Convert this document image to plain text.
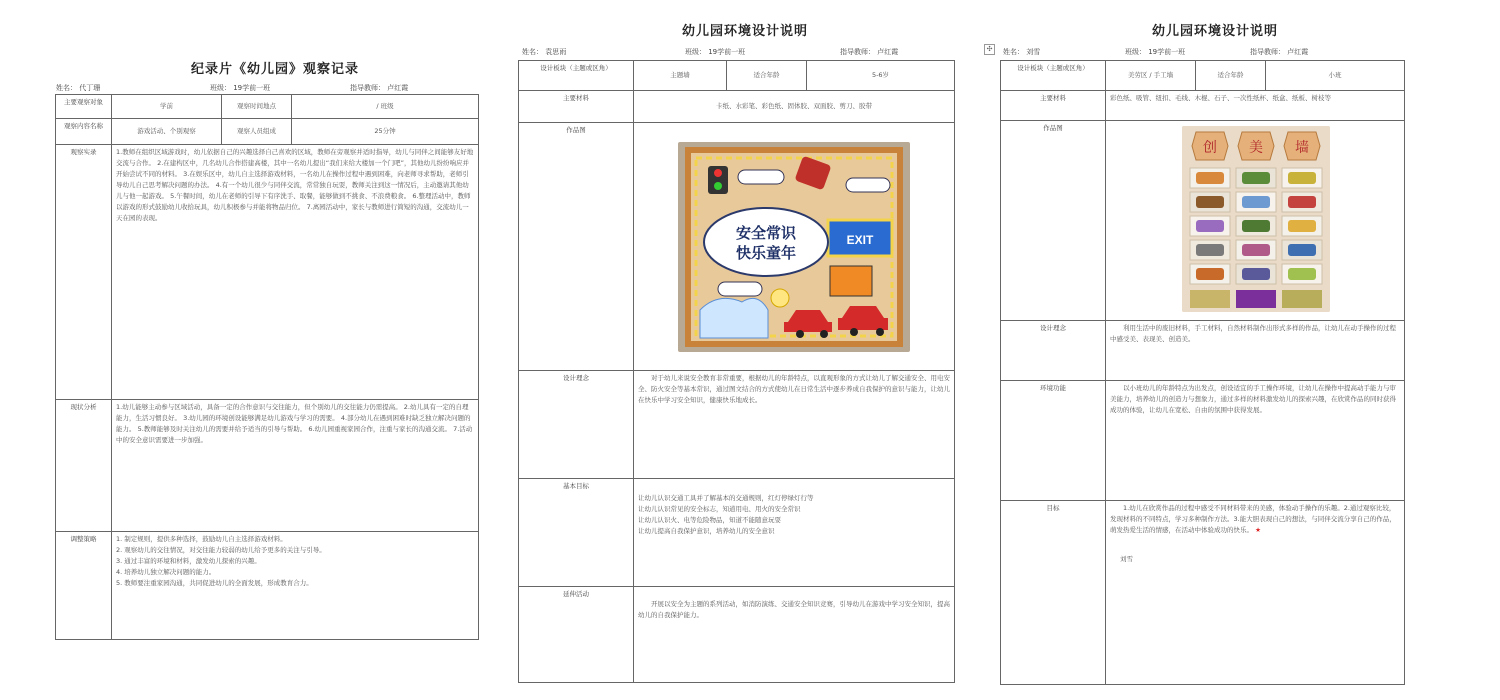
纪录片《幼儿园》观察记录
姓名： 代丁珊	班级： 19学前一班	指导教师： 卢红霞
主要观察对象	学前	观察时间地点	/ 班级
观察内容名称	游戏活动、个别观察	观察人员组成	25分钟
观察实录	1.教师在组织区域游戏时，幼儿依据自己的兴趣选择自己喜欢的区域，教师在旁观察并适时指导，幼儿与同伴之间能够友好地交流与合作。 2.在建构区中，几名幼儿合作搭建高楼，其中一名幼儿提出“我们来给大楼加一个门吧”，其他幼儿纷纷响应并开始尝试不同的材料。 3.在娱乐区中，幼儿自主选择游戏材料，一名幼儿在操作过程中遇到困难，向老师寻求帮助，老师引导幼儿自己思考解决问题的办法。 4.有一个幼儿很少与同伴交流，常常独自玩耍，教师关注到这一情况后，主动邀请其他幼儿与他一起游戏。 5.午餐时间，幼儿在老师的引导下有序洗手、取餐，能够做到不挑食、不浪费粮食。 6.整理活动中，教师以游戏的形式鼓励幼儿收拾玩具，幼儿积极参与并能将物品归位。 7.离园活动中，家长与教师进行简短的沟通，交流幼儿一天在园的表现。		
现状分析	1.幼儿能够主动参与区域活动，具备一定的合作意识与交往能力，但个别幼儿的交往能力仍需提高。 2.幼儿具有一定的自理能力，生活习惯良好。 3.幼儿园的环境创设能够满足幼儿游戏与学习的需要。 4.部分幼儿在遇到困难时缺乏独立解决问题的能力。 5.教师能够及时关注幼儿的需要并给予适当的引导与帮助。 6.幼儿园重视家园合作，注重与家长的沟通交流。 7.活动中的安全意识需要进一步加强。		
调整策略	1. 制定规则，提供多种选择，鼓励幼儿自主选择游戏材料。
2. 观察幼儿的交往情况，对交往能力较弱的幼儿给予更多的关注与引导。
3. 通过丰富的环境和材料，激发幼儿探索的兴趣。
4. 培养幼儿独立解决问题的能力。
5. 教师要注重家园沟通，共同促进幼儿的全面发展，形成教育合力。		
幼儿园环境设计说明
姓名： 袁思雨	班级： 19学前一班	指导教师： 卢红霞
设计板块（主题或区角）	主题墙	适合年龄	5-6岁
主要材料	卡纸、水彩笔、彩色纸、固体胶、双面胶、剪刀、胶带		
作品图			
设计理念	对于幼儿来说安全教育非常重要，根据幼儿的年龄特点，以直观形象的方式让幼儿了解交通安全、用电安全、防火安全等基本常识，通过图文结合的方式使幼儿在日常生活中逐步养成自我保护的意识与能力，让幼儿在快乐中学习安全知识，健康快乐地成长。		

基本目标	让幼儿认识交通工具并了解基本的交通规则，红灯停绿灯行等
让幼儿认识常见的安全标志，知道用电、用火的安全常识
让幼儿认识火、电等危险物品，知道不能随意玩耍
让幼儿提高自我保护意识，培养幼儿的安全意识		

延伸活动	开展以安全为主题的系列活动，如消防演练、交通安全知识竞赛，引导幼儿在游戏中学习安全知识，提高幼儿的自我保护能力。		

EXIT
安全常识
快乐童年
✣
幼儿园环境设计说明
姓名： 刘雪	班级： 19学前一班	指导教师： 卢红霞
设计板块（主题或区角）	美劳区 / 手工墙	适合年龄	小班
主要材料	彩色纸、吸管、纽扣、毛线、木棍、石子、一次性纸杯、纸盒、纸板、树枝等		
作品图			
设计理念	利用生活中的废旧材料，手工材料，自然材料制作出形式多样的作品，让幼儿在动手操作的过程中感受美、表现美、创造美。		

环境功能	以小班幼儿的年龄特点为出发点，创设适宜的手工操作环境，让幼儿在操作中提高动手能力与审美能力，培养幼儿的创造力与想象力，通过多样的材料激发幼儿的探索兴趣，在欣赏作品的同时获得成功的体验，让幼儿在宽松、自由的氛围中获得发展。		

目标	1.幼儿在欣赏作品的过程中感受不同材料带来的美感，体验动手操作的乐趣。2.通过观察比较，发现材料的不同特点，学习多种制作方法。3.能大胆表现自己的想法，与同伴交流分享自己的作品，萌发热爱生活的情感，在活动中体验成功的快乐。 ★

刘雪		
创 美 墙
